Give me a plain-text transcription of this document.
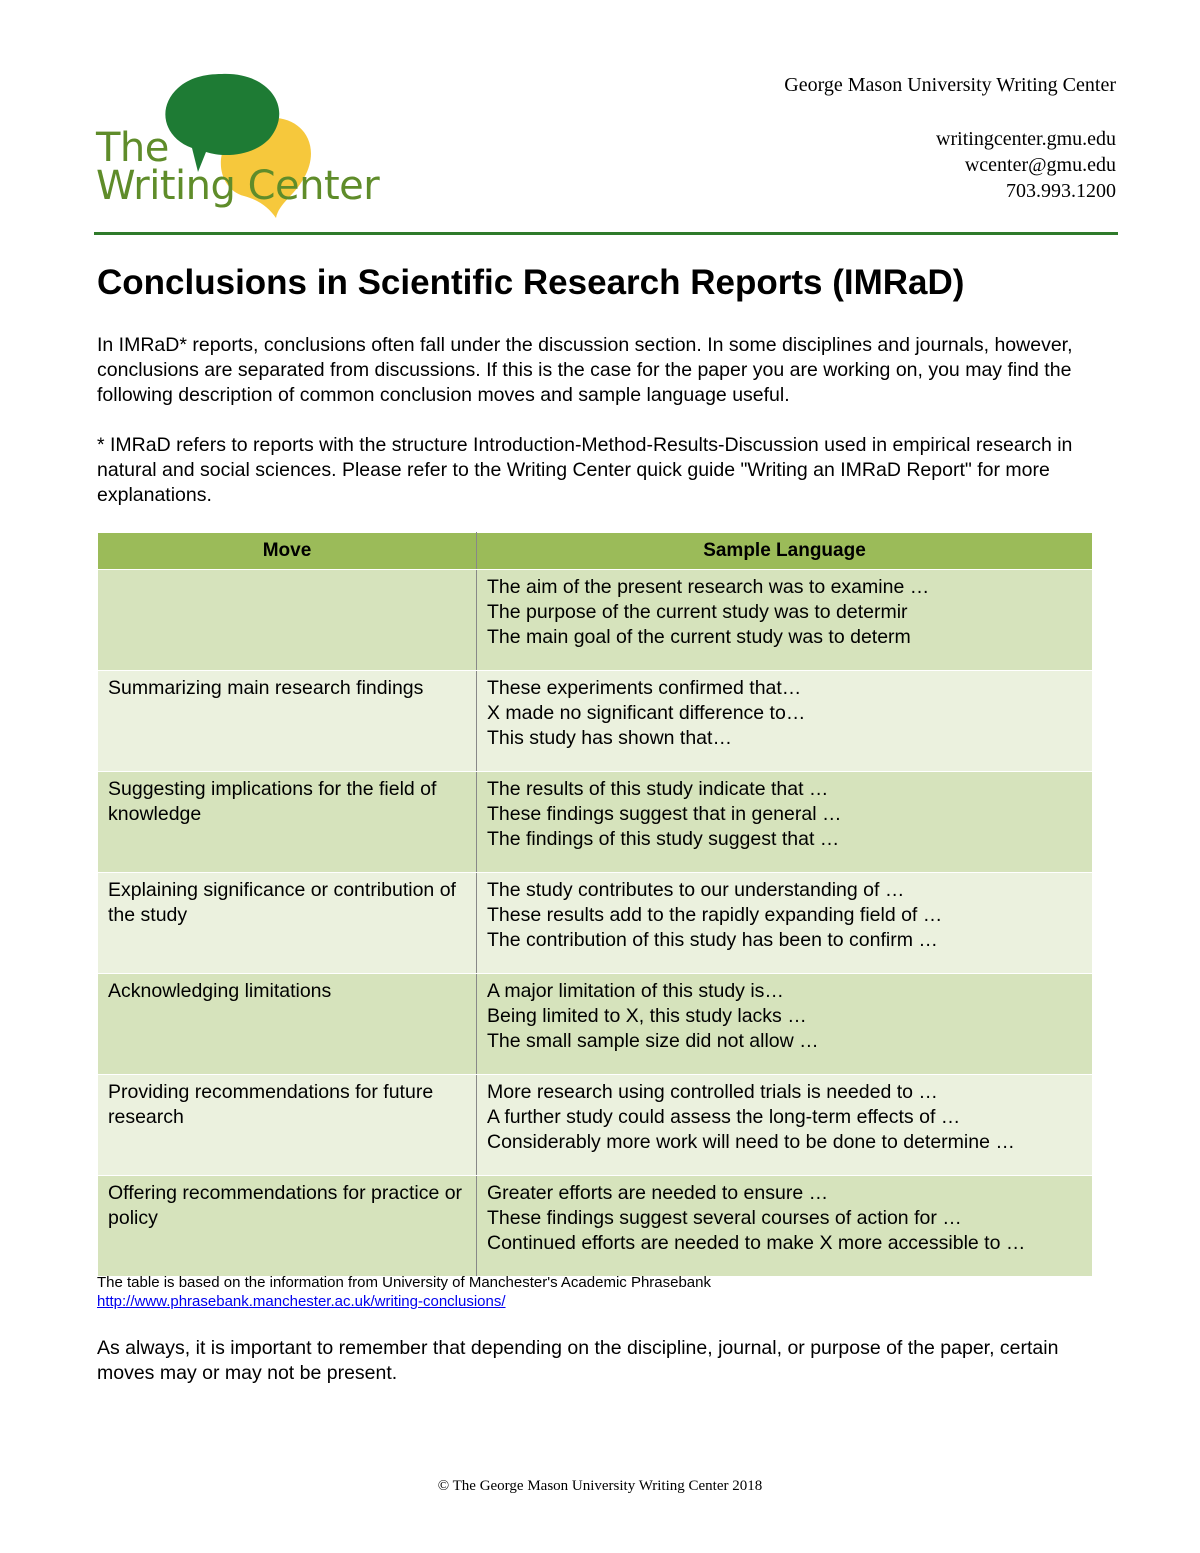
The
Writing Center
George Mason University Writing Center
writingcenter.gmu.edu
wcenter@gmu.edu
703.993.1200
Conclusions in Scientific Research Reports (IMRaD)

In IMRaD* reports, conclusions often fall under the discussion section. In some disciplines and journals, however, conclusions are separated from discussions. If this is the case for the paper you are working on, you may find the following description of common conclusion moves and sample language useful.

* IMRaD refers to reports with the structure Introduction-Method-Results-Discussion used in empirical research in natural and social sciences. Please refer to the Writing Center quick guide "Writing an IMRaD Report" for more explanations.

Move	Sample Language

	The aim of the present research was to examine …
The purpose of the current study was to determir
The main goal of the current study was to determ

Summarizing main research findings	These experiments confirmed that…
X made no significant difference to…
This study has shown that…

Suggesting implications for the field of knowledge	The results of this study indicate that …
These findings suggest that in general …
The findings of this study suggest that …

Explaining significance or contribution of the study	The study contributes to our understanding of …
These results add to the rapidly expanding field of …
The contribution of this study has been to confirm …

Acknowledging limitations	A major limitation of this study is…
Being limited to X, this study lacks …
The small sample size did not allow …

Providing recommendations for future research	More research using controlled trials is needed to …
A further study could assess the long-term effects of …
Considerably more work will need to be done to determine …

Offering recommendations for practice or policy	Greater efforts are needed to ensure …
These findings suggest several courses of action for …
Continued efforts are needed to make X more accessible to …
The table is based on the information from University of Manchester's Academic Phrasebank
http://www.phrasebank.manchester.ac.uk/writing-conclusions/

As always, it is important to remember that depending on the discipline, journal, or purpose of the paper, certain moves may or may not be present.

© The George Mason University Writing Center 2018
